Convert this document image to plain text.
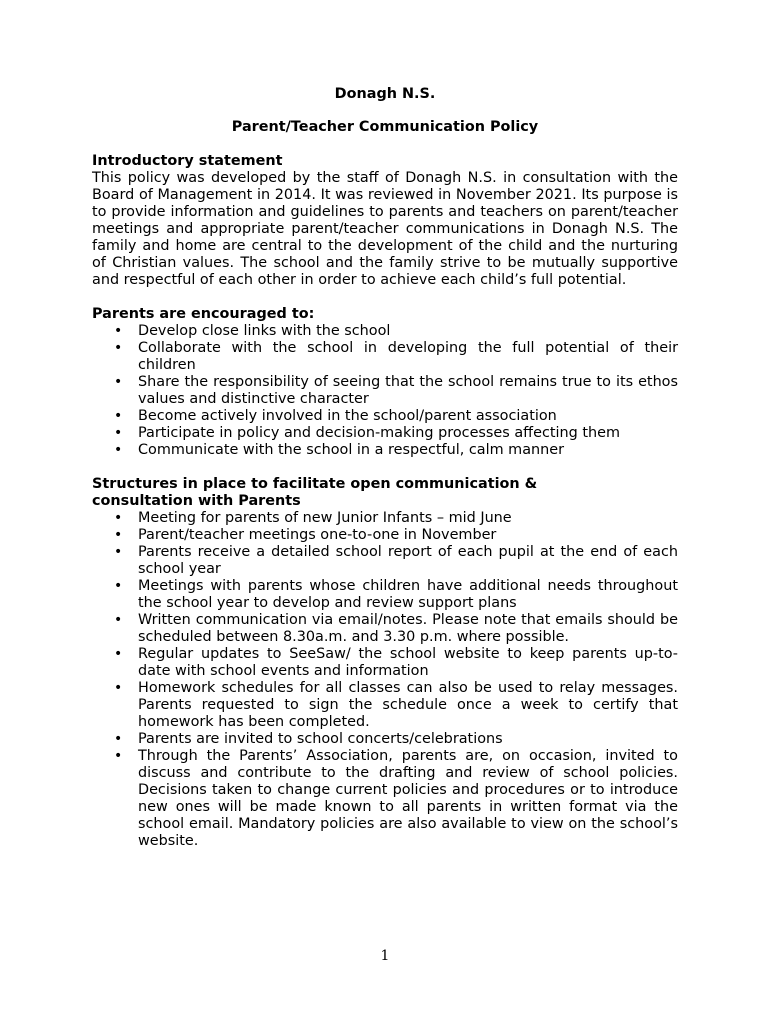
Donagh N.S.
Parent/Teacher Communication Policy
Introductory statement

This policy was developed by the staff of Donagh N.S. in consultation with the Board of Management in 2014. It was reviewed in November 2021. Its purpose is to provide information and guidelines to parents and teachers on parent/teacher meetings and appropriate parent/teacher communications in Donagh N.S. The family and home are central to the development of the child and the nurturing of Christian values. The school and the family strive to be mutually supportive and respectful of each other in order to achieve each child’s full potential.

Parents are encouraged to:
• Develop close links with the school
• Collaborate with the school in developing the full potential of their children
• Share the responsibility of seeing that the school remains true to its ethos values and distinctive character
• Become actively involved in the school/parent association
• Participate in policy and decision-making processes affecting them
• Communicate with the school in a respectful, calm manner
Structures in place to facilitate open communication &
consultation with Parents
• Meeting for parents of new Junior Infants – mid June
• Parent/teacher meetings one-to-one in November
• Parents receive a detailed school report of each pupil at the end of each school year
• Meetings with parents whose children have additional needs throughout the school year to develop and review support plans
• Written communication via email/notes. Please note that emails should be scheduled between 8.30a.m. and 3.30 p.m. where possible.
• Regular updates to SeeSaw/ the school website to keep parents up-to-date with school events and information
• Homework schedules for all classes can also be used to relay messages. Parents requested to sign the schedule once a week to certify that homework has been completed.
• Parents are invited to school concerts/celebrations
• Through the Parents’ Association, parents are, on occasion, invited to discuss and contribute to the drafting and review of school policies. Decisions taken to change current policies and procedures or to introduce new ones will be made known to all parents in written format via the school email. Mandatory policies are also available to view on the school’s website.
1
